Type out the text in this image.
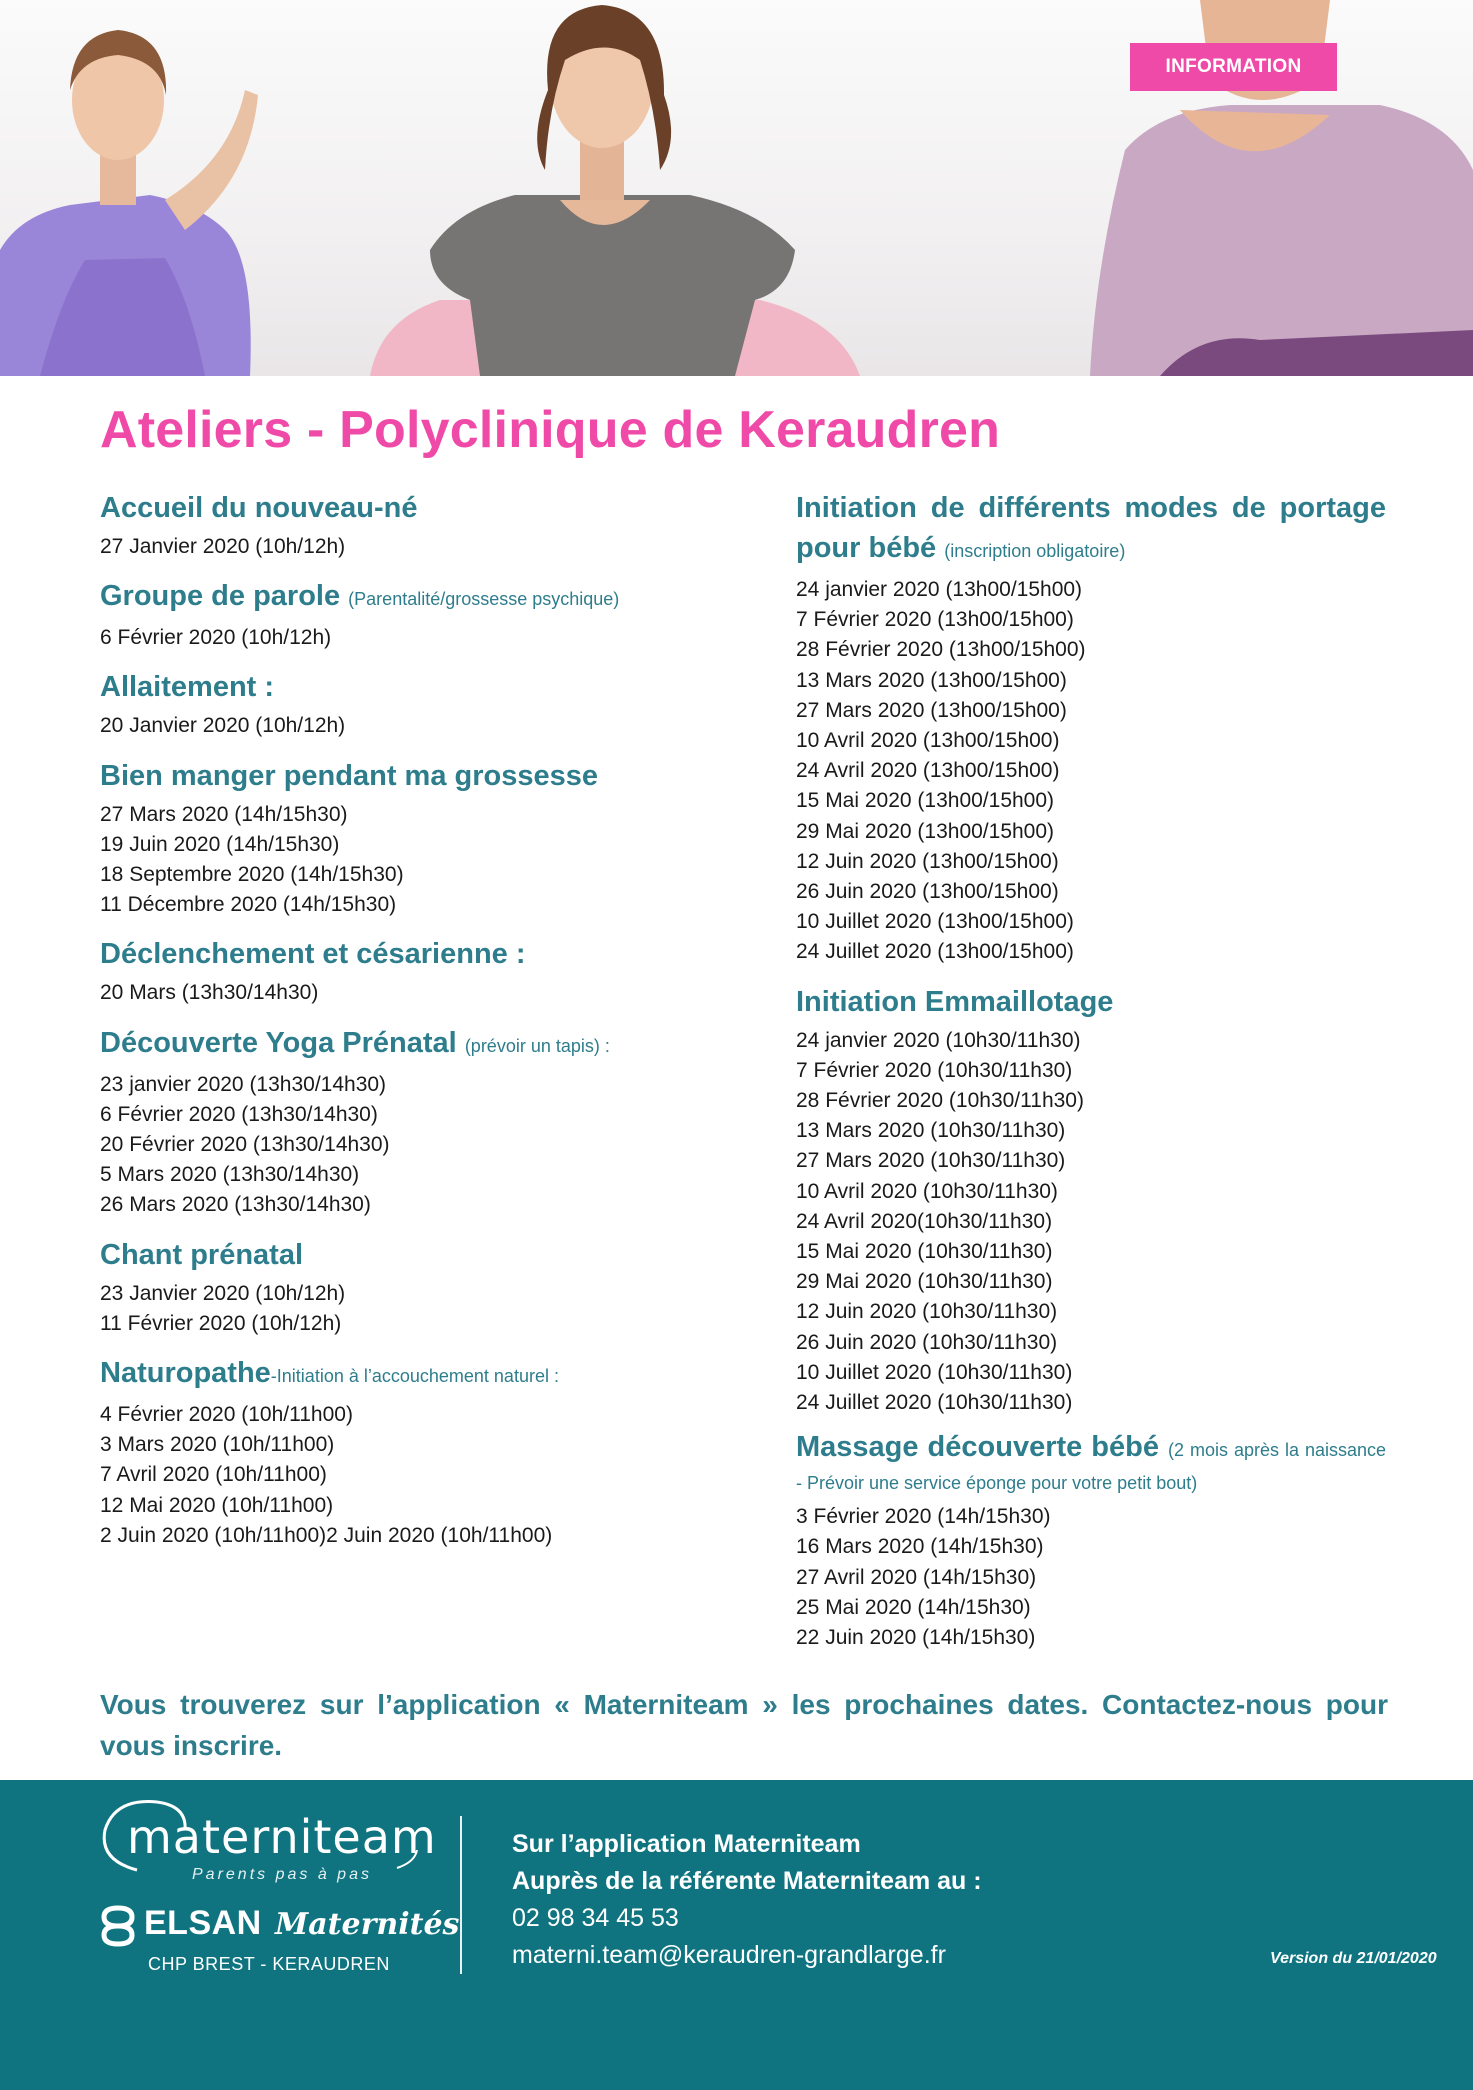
INFORMATION
Ateliers - Polyclinique de Keraudren
Accueil du nouveau-né
27 Janvier 2020 (10h/12h)
Groupe de parole (Parentalité/grossesse psychique)
6 Février 2020 (10h/12h)
Allaitement :
20 Janvier 2020 (10h/12h)
Bien manger pendant ma grossesse
27 Mars 2020 (14h/15h30)
19 Juin 2020 (14h/15h30)
18 Septembre 2020 (14h/15h30)
11 Décembre 2020 (14h/15h30)
Déclenchement et césarienne :
20 Mars (13h30/14h30)
Découverte Yoga Prénatal (prévoir un tapis) :
23 janvier 2020 (13h30/14h30)
6 Février 2020 (13h30/14h30)
20 Février 2020 (13h30/14h30)
5 Mars 2020 (13h30/14h30)
26 Mars 2020 (13h30/14h30)
Chant prénatal
23 Janvier 2020 (10h/12h)
11 Février 2020 (10h/12h)
Naturopathe-Initiation à l’accouchement naturel :
4 Février 2020 (10h/11h00)
3 Mars 2020 (10h/11h00)
7 Avril 2020 (10h/11h00)
12 Mai 2020 (10h/11h00)
2 Juin 2020 (10h/11h00)2 Juin 2020 (10h/11h00)
Initiation de différents modes de portage pour bébé (inscription obligatoire)
24 janvier 2020 (13h00/15h00)
7 Février 2020 (13h00/15h00)
28 Février 2020 (13h00/15h00)
13 Mars 2020 (13h00/15h00)
27 Mars 2020 (13h00/15h00)
10 Avril 2020 (13h00/15h00)
24 Avril 2020 (13h00/15h00)
15 Mai 2020 (13h00/15h00)
29 Mai 2020 (13h00/15h00)
12 Juin 2020 (13h00/15h00)
26 Juin 2020 (13h00/15h00)
10 Juillet 2020 (13h00/15h00)
24 Juillet 2020 (13h00/15h00)
Initiation Emmaillotage
24 janvier 2020 (10h30/11h30)
7 Février 2020 (10h30/11h30)
28 Février 2020 (10h30/11h30)
13 Mars 2020 (10h30/11h30)
27 Mars 2020 (10h30/11h30)
10 Avril 2020 (10h30/11h30)
24 Avril 2020(10h30/11h30)
15 Mai 2020 (10h30/11h30)
29 Mai 2020 (10h30/11h30)
12 Juin 2020 (10h30/11h30)
26 Juin 2020 (10h30/11h30)
10 Juillet 2020 (10h30/11h30)
24 Juillet 2020 (10h30/11h30)
Massage découverte bébé (2 mois après la naissance - Prévoir une service éponge pour votre petit bout)
3 Février 2020 (14h/15h30)
16 Mars 2020 (14h/15h30)
27 Avril 2020 (14h/15h30)
25 Mai 2020 (14h/15h30)
22 Juin 2020 (14h/15h30)

Vous trouverez sur l’application « Materniteam » les prochaines dates. Contactez-nous pour vous inscrire.

materniteam
Parents pas à pas
ELSAN Maternités
CHP BREST - KERAUDREN
Sur l’application Materniteam
Auprès de la référente Materniteam au :
02 98 34 45 53
materni.team@keraudren-grandlarge.fr	Version du 21/01/2020
